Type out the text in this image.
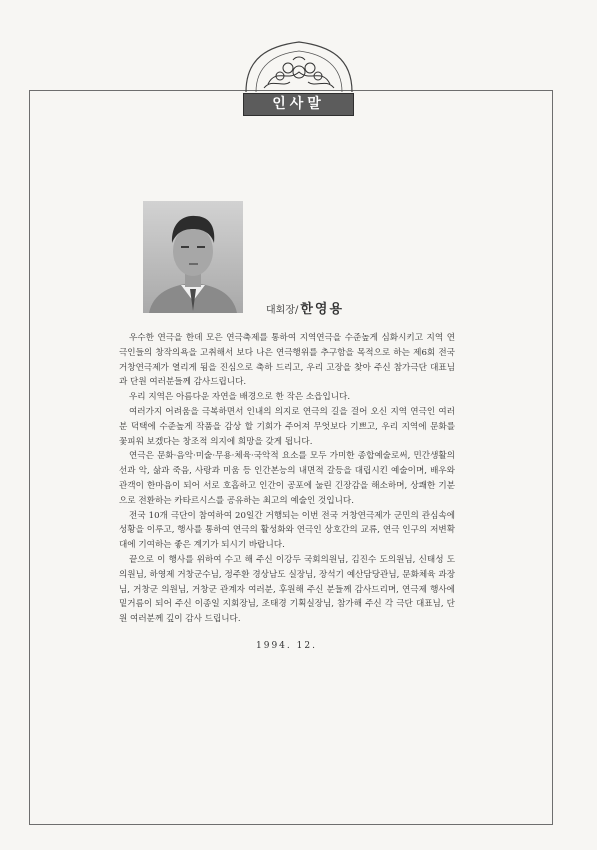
인사말
대회장/ 한영용

우수한 연극을 한데 모은 연극축제를 통하여 지역연극을 수준높게 심화시키고 지역 연극인들의 창작의욕을 고취해서 보다 나은 연극행위를 추구함을 목적으로 하는 제6회 전국거창연극제가 열리게 됨을 진심으로 축하 드리고, 우리 고장을 찾아 주신 참가극단 대표님과 단원 여러분들께 감사드립니다.

우리 지역은 아름다운 자연을 배경으로 한 작은 소읍입니다.

여러가지 어려움을 극복하면서 인내의 의지로 연극의 길을 걸어 오신 지역 연극인 여러분 덕택에 수준높게 작품을 감상 할 기회가 주어져 무엇보다 기쁘고, 우리 지역에 문화를 꽃피워 보겠다는 창조적 의지에 희망을 갖게 됩니다.

연극은 문화·음악·미술·무용·체육·국악적 요소를 모두 가미한 종합예술로써, 민간생활의 선과 악, 삶과 죽음, 사랑과 미움 등 인간본능의 내면적 갈등을 대립시킨 예술이며, 배우와 관객이 한마음이 되어 서로 호흡하고 인간이 공포에 눌린 긴장감을 해소하며, 상쾌한 기분으로 전환하는 카타르시스를 공유하는 최고의 예술인 것입니다.

전국 10개 극단이 참여하여 20일간 거행되는 이번 전국 거창연극제가 군민의 관심속에 성황을 이루고, 행사를 통하여 연극의 활성화와 연극인 상호간의 교류, 연극 인구의 저변확대에 기여하는 좋은 계기가 되시기 바랍니다.

끝으로 이 행사를 위하여 수고 해 주신 이강두 국회의원님, 김진수 도의원님, 신태성 도의원님, 하영제 거창군수님, 정주환 경상남도 실장님, 장석기 예산담당관님, 문화체육 과장님, 거창군 의원님, 거창군 관계자 여러분, 후원해 주신 분들께 감사드리며, 연극제 행사에 밑거름이 되어 주신 이종일 지회장님, 조태경 기획실장님, 참가해 주신 각 극단 대표님, 단원 여러분께 깊이 감사 드립니다.

1994. 12.
